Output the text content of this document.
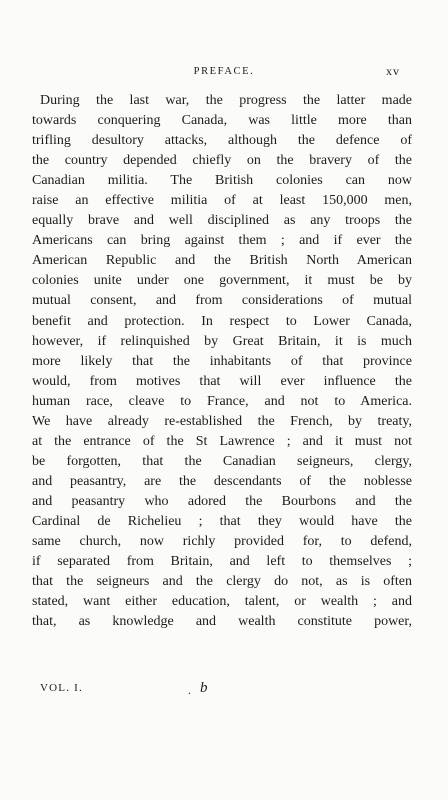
PREFACE.	xv
During the last war, the progress the latter made
towards conquering Canada, was little more than
trifling desultory attacks, although the defence of
the country depended chiefly on the bravery of the
Canadian militia. The British colonies can now
raise an effective militia of at least 150,000 men,
equally brave and well disciplined as any troops the
Americans can bring against them ; and if ever the
American Republic and the British North American
colonies unite under one government, it must be by
mutual consent, and from considerations of mutual
benefit and protection. In respect to Lower Canada,
however, if relinquished by Great Britain, it is much
more likely that the inhabitants of that province
would, from motives that will ever influence the
human race, cleave to France, and not to America.
We have already re-established the French, by treaty,
at the entrance of the St Lawrence ; and it must not
be forgotten, that the Canadian seigneurs, clergy,
and peasantry, are the descendants of the noblesse
and peasantry who adored the Bourbons and the
Cardinal de Richelieu ; that they would have the
same church, now richly provided for, to defend,
if separated from Britain, and left to themselves ;
that the seigneurs and the clergy do not, as is often
stated, want either education, talent, or wealth ; and
that, as knowledge and wealth constitute power,
VOL. I.	. b
